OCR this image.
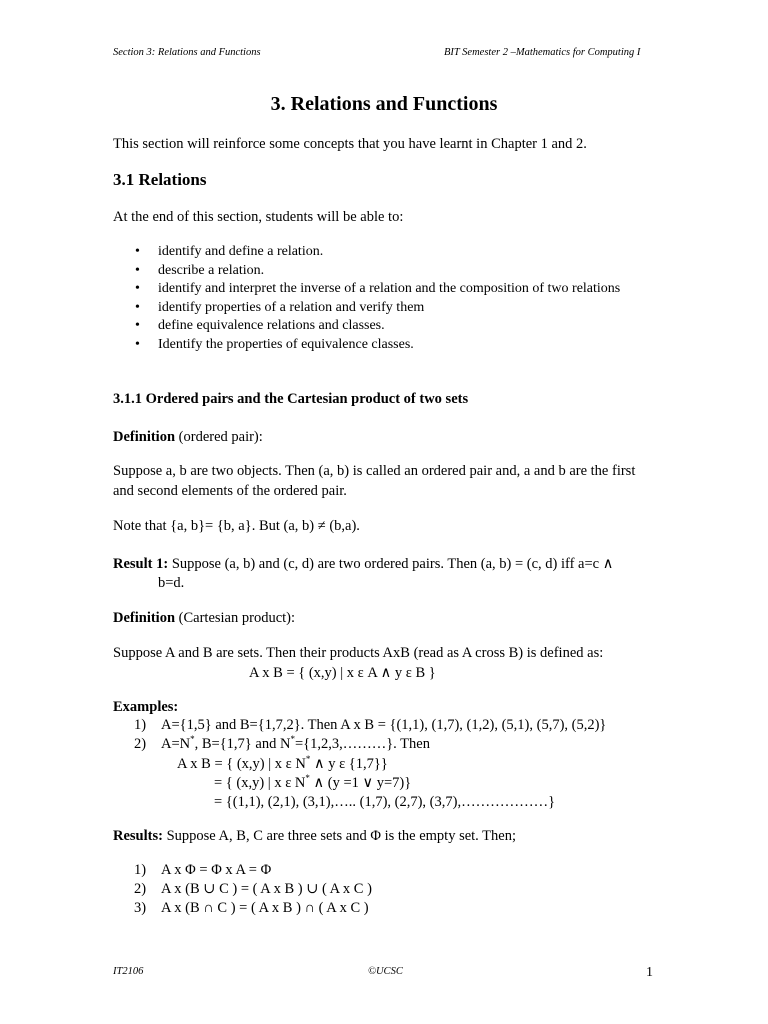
Section 3: Relations and Functions	BIT Semester 2 –Mathematics for Computing I
3. Relations and Functions
This section will reinforce some concepts that you have learnt in Chapter 1 and 2.
3.1 Relations
At the end of this section, students will be able to:
• identify and define a relation.
• describe a relation.
• identify and interpret the inverse of a relation and the composition of two relations
• identify properties of a relation and verify them
• define equivalence relations and classes.
• Identify the properties of equivalence classes.
3.1.1 Ordered pairs and the Cartesian product of two sets
Definition (ordered pair):
Suppose a, b are two objects. Then (a, b) is called an ordered pair and, a and b are the first and second elements of the ordered pair.
Note that {a, b}= {b, a}. But (a, b) ≠ (b,a).
Result 1: Suppose (a, b) and (c, d) are two ordered pairs. Then (a, b) = (c, d) iff a=c ∧
b=d.
Definition (Cartesian product):
Suppose A and B are sets. Then their products AxB (read as A cross B) is defined as:
A x B = { (x,y) | x ε A ∧ y ε B }
Examples:
1) A={1,5} and B={1,7,2}. Then A x B = {(1,1), (1,7), (1,2), (5,1), (5,7), (5,2)}
2) A=N*, B={1,7} and N*={1,2,3,………}. Then
A x B = { (x,y) | x ε N* ∧ y ε {1,7}}
= { (x,y) | x ε N* ∧ (y =1 ∨ y=7)}
= {(1,1), (2,1), (3,1),….. (1,7), (2,7), (3,7),………………}
Results: Suppose A, B, C are three sets and Φ is the empty set. Then;
1) A x Φ = Φ x A = Φ
2) A x (B ∪ C ) = ( A x B ) ∪ ( A x C )
3) A x (B ∩ C ) = ( A x B ) ∩ ( A x C )
IT2106	©UCSC	1
